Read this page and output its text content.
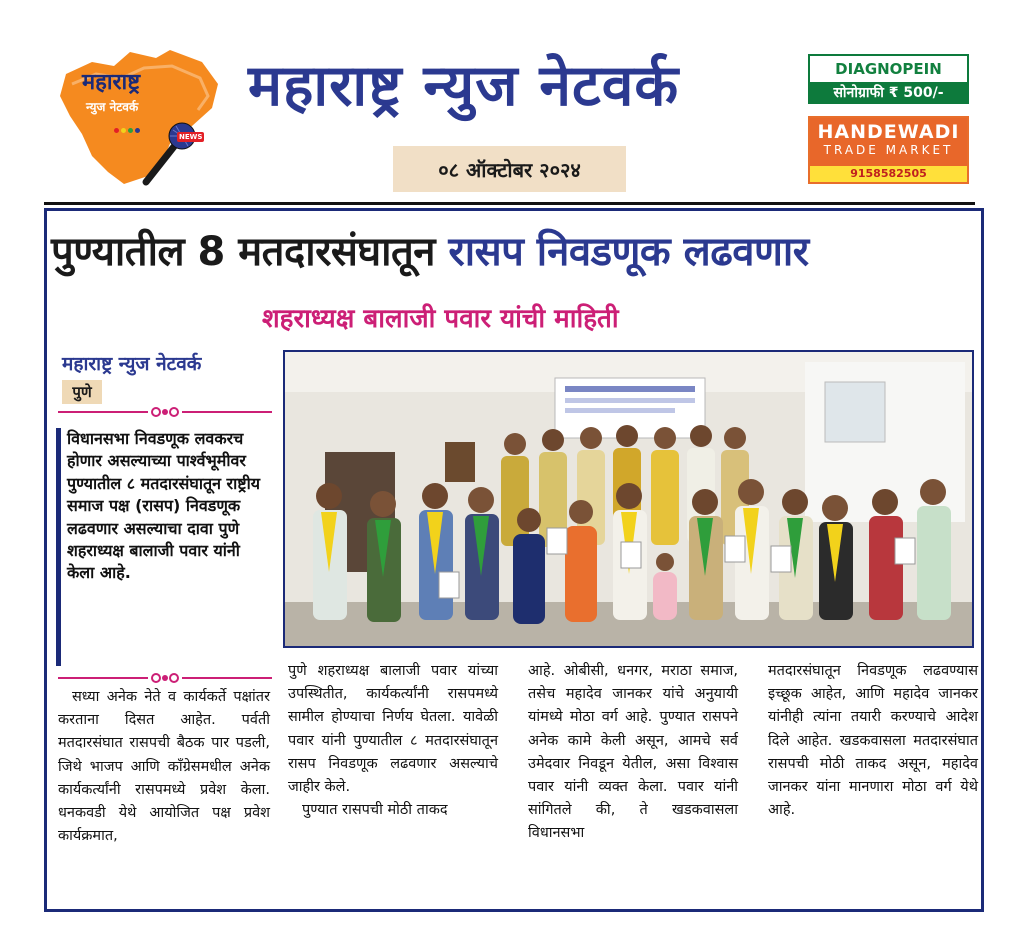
महाराष्ट्र
न्युज नेटवर्क
NEWS
महाराष्ट्र न्युज नेटवर्क
०८ ऑक्टोबर २०२४
DIAGNOPEIN
सोनोग्राफी ₹ 500/-
HANDEWADI
TRADE MARKET
9158582505
पुण्यातील 8 मतदारसंघातून रासप निवडणूक लढवणार
शहराध्यक्ष बालाजी पवार यांची माहिती
महाराष्ट्र न्युज नेटवर्क
पुणे
विधानसभा निवडणूक लवकरच होणार असल्याच्या पार्श्वभूमीवर पुण्यातील ८ मतदारसंघातून राष्ट्रीय समाज पक्ष (रासप) निवडणूक लढवणार असल्याचा दावा पुणे शहराध्यक्ष बालाजी पवार यांनी केला आहे.

सध्या अनेक नेते व कार्यकर्ते पक्षांतर करताना दिसत आहेत. पर्वती मतदारसंघात रासपची बैठक पार पडली, जिथे भाजप आणि काँग्रेसमधील अनेक कार्यकर्त्यांनी रासपमध्ये प्रवेश केला. धनकवडी येथे आयोजित पक्ष प्रवेश कार्यक्रमात,

पुणे शहराध्यक्ष बालाजी पवार यांच्या उपस्थितीत, कार्यकर्त्यांनी रासपमध्ये सामील होण्याचा निर्णय घेतला. यावेळी पवार यांनी पुण्यातील ८ मतदारसंघातून रासप निवडणूक लढवणार असल्याचे जाहीर केले.

पुण्यात रासपची मोठी ताकद

आहे. ओबीसी, धनगर, मराठा समाज, तसेच महादेव जानकर यांचे अनुयायी यांमध्ये मोठा वर्ग आहे. पुण्यात रासपने अनेक कामे केली असून, आमचे सर्व उमेदवार निवडून येतील, असा विश्वास पवार यांनी व्यक्त केला. पवार यांनी सांगितले की, ते खडकवासला विधानसभा

मतदारसंघातून निवडणूक लढवण्यास इच्छूक आहेत, आणि महादेव जानकर यांनीही त्यांना तयारी करण्याचे आदेश दिले आहेत. खडकवासला मतदारसंघात रासपची मोठी ताकद असून, महादेव जानकर यांना मानणारा मोठा वर्ग येथे आहे.
